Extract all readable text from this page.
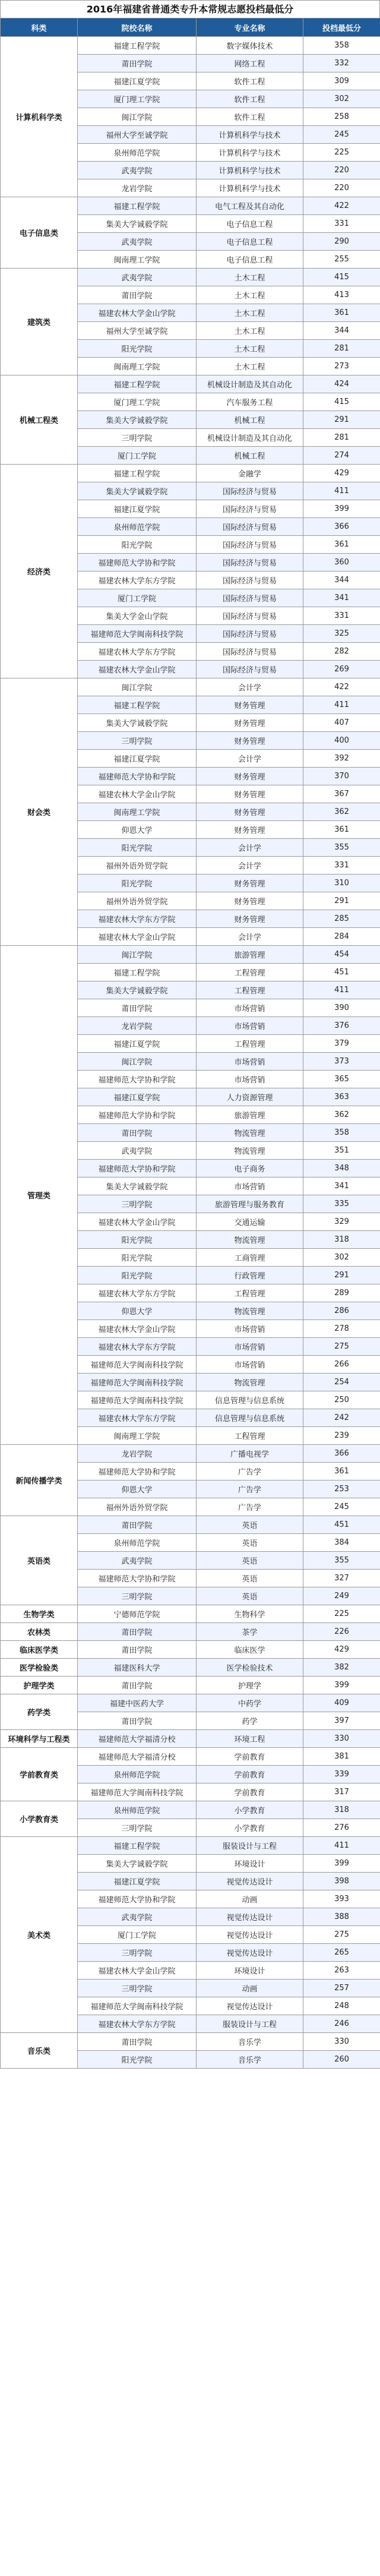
2016年福建省普通类专升本常规志愿投档最低分
科类	院校名称	专业名称	投档最低分
计算机科学类	福建工程学院	数字媒体技术	358
	莆田学院	网络工程	332
	福建江夏学院	软件工程	309
	厦门理工学院	软件工程	302
	闽江学院	软件工程	258
	福州大学至诚学院	计算机科学与技术	245
	泉州师范学院	计算机科学与技术	225
	武夷学院	计算机科学与技术	220
	龙岩学院	计算机科学与技术	220
电子信息类	福建工程学院	电气工程及其自动化	422
	集美大学诚毅学院	电子信息工程	331
	武夷学院	电子信息工程	290
	闽南理工学院	电子信息工程	255
建筑类	武夷学院	土木工程	415
	莆田学院	土木工程	413
	福建农林大学金山学院	土木工程	361
	福州大学至诚学院	土木工程	344
	阳光学院	土木工程	281
	闽南理工学院	土木工程	273
机械工程类	福建工程学院	机械设计制造及其自动化	424
	厦门理工学院	汽车服务工程	415
	集美大学诚毅学院	机械工程	291
	三明学院	机械设计制造及其自动化	281
	厦门工学院	机械工程	274
经济类	福建工程学院	金融学	429
	集美大学诚毅学院	国际经济与贸易	411
	福建江夏学院	国际经济与贸易	399
	泉州师范学院	国际经济与贸易	366
	阳光学院	国际经济与贸易	361
	福建师范大学协和学院	国际经济与贸易	360
	福建农林大学东方学院	国际经济与贸易	344
	厦门工学院	国际经济与贸易	341
	集美大学金山学院	国际经济与贸易	331
	福建师范大学闽南科技学院	国际经济与贸易	325
	福建农林大学东方学院	国际经济与贸易	282
	福建农林大学金山学院	国际经济与贸易	269
财会类	闽江学院	会计学	422
	福建工程学院	财务管理	411
	集美大学诚毅学院	财务管理	407
	三明学院	财务管理	400
	福建江夏学院	会计学	392
	福建师范大学协和学院	财务管理	370
	福建农林大学金山学院	财务管理	367
	闽南理工学院	财务管理	362
	仰恩大学	财务管理	361
	阳光学院	会计学	355
	福州外语外贸学院	会计学	331
	阳光学院	财务管理	310
	福州外语外贸学院	财务管理	291
	福建农林大学东方学院	财务管理	285
	福建农林大学金山学院	会计学	284
管理类	闽江学院	旅游管理	454
	福建工程学院	工程管理	451
	集美大学诚毅学院	工程管理	411
	莆田学院	市场营销	390
	龙岩学院	市场营销	376
	福建江夏学院	工程管理	379
	闽江学院	市场营销	373
	福建师范大学协和学院	市场营销	365
	福建江夏学院	人力资源管理	363
	福建师范大学协和学院	旅游管理	362
	莆田学院	物流管理	358
	武夷学院	物流管理	351
	福建师范大学协和学院	电子商务	348
	集美大学诚毅学院	市场营销	341
	三明学院	旅游管理与服务教育	335
	福建农林大学金山学院	交通运输	329
	阳光学院	物流管理	318
	阳光学院	工商管理	302
	阳光学院	行政管理	291
	福建农林大学东方学院	工程管理	289
	仰恩大学	物流管理	286
	福建农林大学金山学院	市场营销	278
	福建农林大学东方学院	市场营销	275
	福建师范大学闽南科技学院	市场营销	266
	福建师范大学闽南科技学院	物流管理	254
	福建师范大学闽南科技学院	信息管理与信息系统	250
	福建农林大学东方学院	信息管理与信息系统	242
	闽南理工学院	工程管理	239
新闻传播学类	龙岩学院	广播电视学	366
	福建师范大学协和学院	广告学	361
	仰恩大学	广告学	253
	福州外语外贸学院	广告学	245
英语类	莆田学院	英语	451
	泉州师范学院	英语	384
	武夷学院	英语	355
	福建师范大学协和学院	英语	327
	三明学院	英语	249
生物学类	宁德师范学院	生物科学	225
农林类	莆田学院	茶学	226
临床医学类	莆田学院	临床医学	429
医学检验类	福建医科大学	医学检验技术	382
护理学类	莆田学院	护理学	399
药学类	福建中医药大学	中药学	409
	莆田学院	药学	397
环境科学与工程类	福建师范大学福清分校	环境工程	330
学前教育类	福建师范大学福清分校	学前教育	381
	泉州师范学院	学前教育	339
	福建师范大学闽南科技学院	学前教育	317
小学教育类	泉州师范学院	小学教育	318
	三明学院	小学教育	276
美术类	福建工程学院	服装设计与工程	411
	集美大学诚毅学院	环境设计	399
	福建江夏学院	视觉传达设计	398
	福建师范大学协和学院	动画	393
	武夷学院	视觉传达设计	388
	厦门工学院	视觉传达设计	275
	三明学院	视觉传达设计	265
	福建农林大学金山学院	环境设计	263
	三明学院	动画	257
	福建师范大学闽南科技学院	视觉传达设计	248
	福建农林大学东方学院	服装设计与工程	246
音乐类	莆田学院	音乐学	330
	阳光学院	音乐学	260
